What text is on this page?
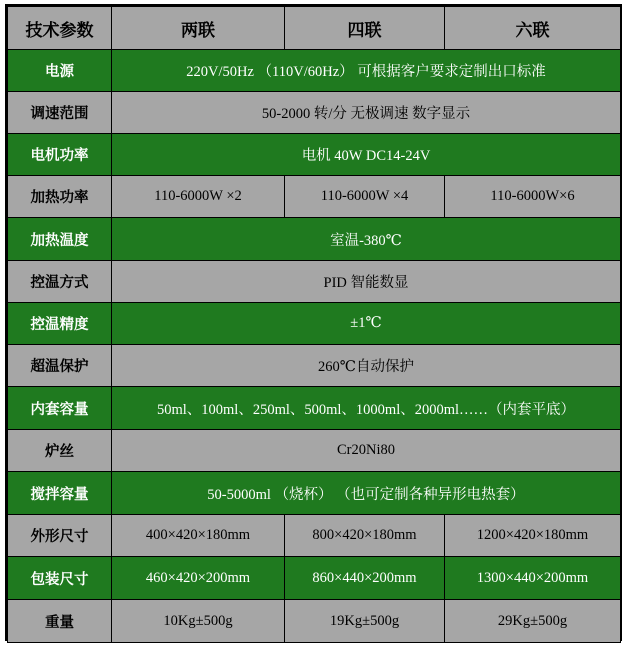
技术参数	两联	四联	六联
电源	220V/50Hz （110V/60Hz） 可根据客户要求定制出口标准		
调速范围	50-2000 转/分 无极调速 数字显示		
电机功率	电机 40W DC14-24V		
加热功率	110-6000W ×2	110-6000W ×4	110-6000W×6
加热温度	室温-380℃		
控温方式	PID 智能数显		
控温精度	±1℃		
超温保护	260℃自动保护		
内套容量	50ml、100ml、250ml、500ml、1000ml、2000ml……（内套平底）		
炉丝	Cr20Ni80		
搅拌容量	50-5000ml （烧杯） （也可定制各种异形电热套）		
外形尺寸	400×420×180mm	800×420×180mm	1200×420×180mm
包装尺寸	460×420×200mm	860×440×200mm	1300×440×200mm
重量	10Kg±500g	19Kg±500g	29Kg±500g
